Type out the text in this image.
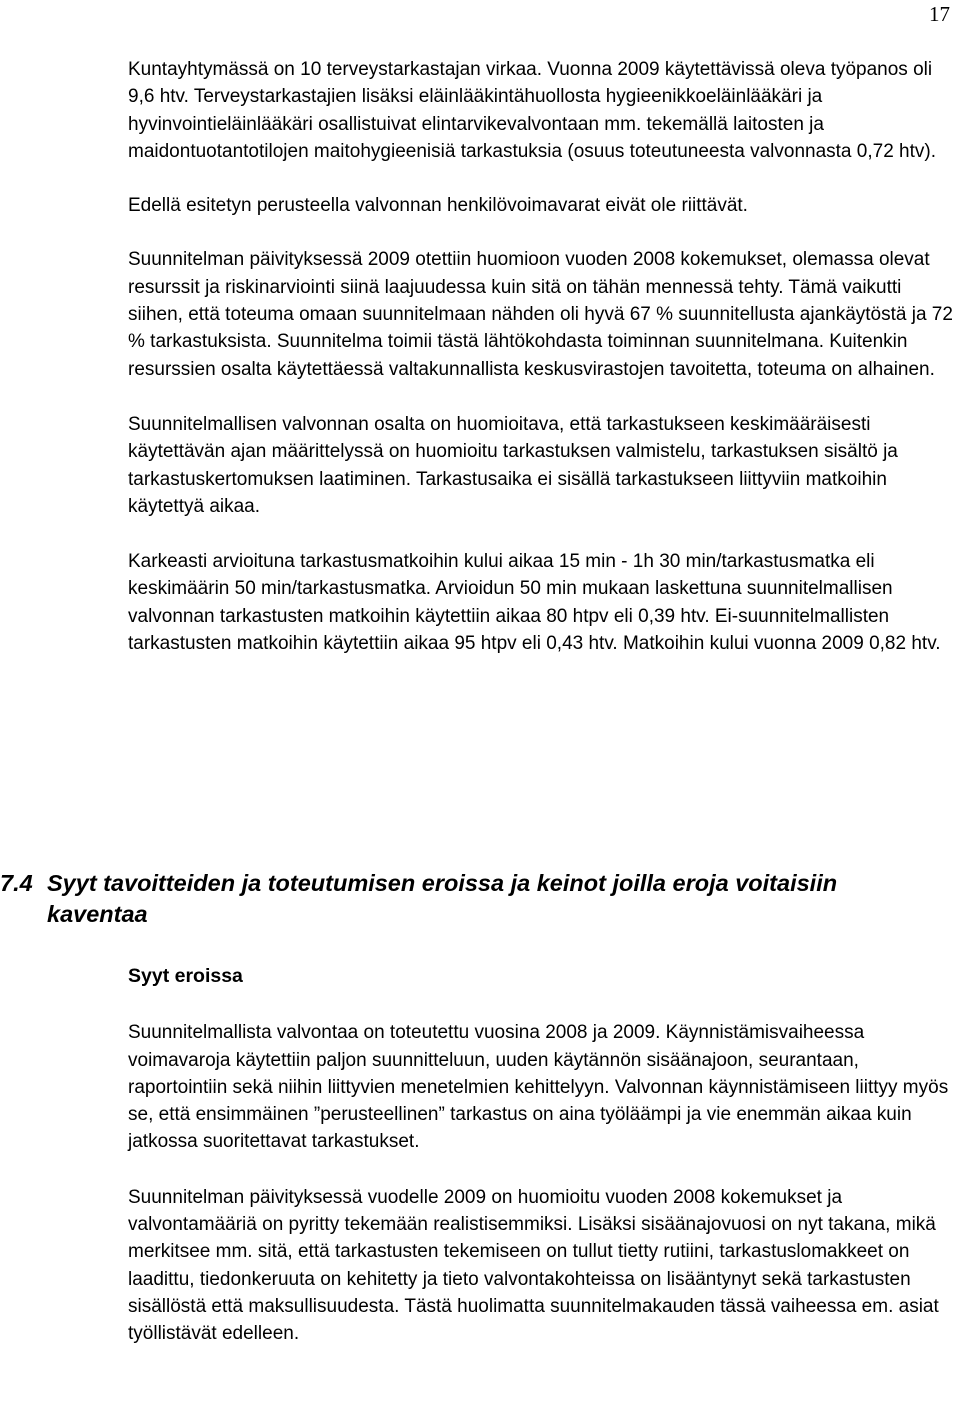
17

Kuntayhtymässä on 10 terveystarkastajan virkaa. Vuonna 2009 käytettävissä oleva työpanos oli 9,6 htv. Terveystarkastajien lisäksi eläinlääkintähuollosta hygieenikkoeläinlääkäri ja hyvinvointieläinlääkäri osallistuivat elintarvikevalvontaan mm. tekemällä laitosten ja maidontuotantotilojen maitohygieenisiä tarkastuksia (osuus toteutuneesta valvonnasta 0,72 htv).

Edellä esitetyn perusteella valvonnan henkilövoimavarat eivät ole riittävät.

Suunnitelman päivityksessä 2009 otettiin huomioon vuoden 2008 kokemukset, olemassa olevat resurssit ja riskinarviointi siinä laajuudessa kuin sitä on tähän mennessä tehty. Tämä vaikutti siihen, että toteuma omaan suunnitelmaan nähden oli hyvä 67 % suunnitellusta ajankäytöstä ja 72 % tarkastuksista. Suunnitelma toimii tästä lähtökohdasta toiminnan suunnitelmana. Kuitenkin resurssien osalta käytettäessä valtakunnallista keskusvirastojen tavoitetta, toteuma on alhainen.

Suunnitelmallisen valvonnan osalta on huomioitava, että tarkastukseen keskimääräisesti käytettävän ajan määrittelyssä on huomioitu tarkastuksen valmistelu, tarkastuksen sisältö ja tarkastuskertomuksen laatiminen. Tarkastusaika ei sisällä tarkastukseen liittyviin matkoihin käytettyä aikaa.

Karkeasti arvioituna tarkastusmatkoihin kului aikaa 15 min - 1h 30 min/tarkastusmatka eli keskimäärin 50 min/tarkastusmatka. Arvioidun 50 min mukaan laskettuna suunnitelmallisen valvonnan tarkastusten matkoihin käytettiin aikaa 80 htpv eli 0,39 htv. Ei-suunnitelmallisten tarkastusten matkoihin käytettiin aikaa 95 htpv eli 0,43 htv. Matkoihin kului vuonna 2009 0,82 htv.

7.4 Syyt tavoitteiden ja toteutumisen eroissa ja keinot joilla eroja voitaisiin kaventaa

Syyt eroissa

Suunnitelmallista valvontaa on toteutettu vuosina 2008 ja 2009. Käynnistämisvaiheessa voimavaroja käytettiin paljon suunnitteluun, uuden käytännön sisäänajoon, seurantaan, raportointiin sekä niihin liittyvien menetelmien kehittelyyn. Valvonnan käynnistämiseen liittyy myös se, että ensimmäinen ”perusteellinen” tarkastus on aina työläämpi ja vie enemmän aikaa kuin jatkossa suoritettavat tarkastukset.

Suunnitelman päivityksessä vuodelle 2009 on huomioitu vuoden 2008 kokemukset ja valvontamääriä on pyritty tekemään realistisemmiksi. Lisäksi sisäänajovuosi on nyt takana, mikä merkitsee mm. sitä, että tarkastusten tekemiseen on tullut tietty rutiini, tarkastuslomakkeet on laadittu, tiedonkeruuta on kehitetty ja tieto valvontakohteissa on lisääntynyt sekä tarkastusten sisällöstä että maksullisuudesta. Tästä huolimatta suunnitelmakauden tässä vaiheessa em. asiat työllistävät edelleen.
